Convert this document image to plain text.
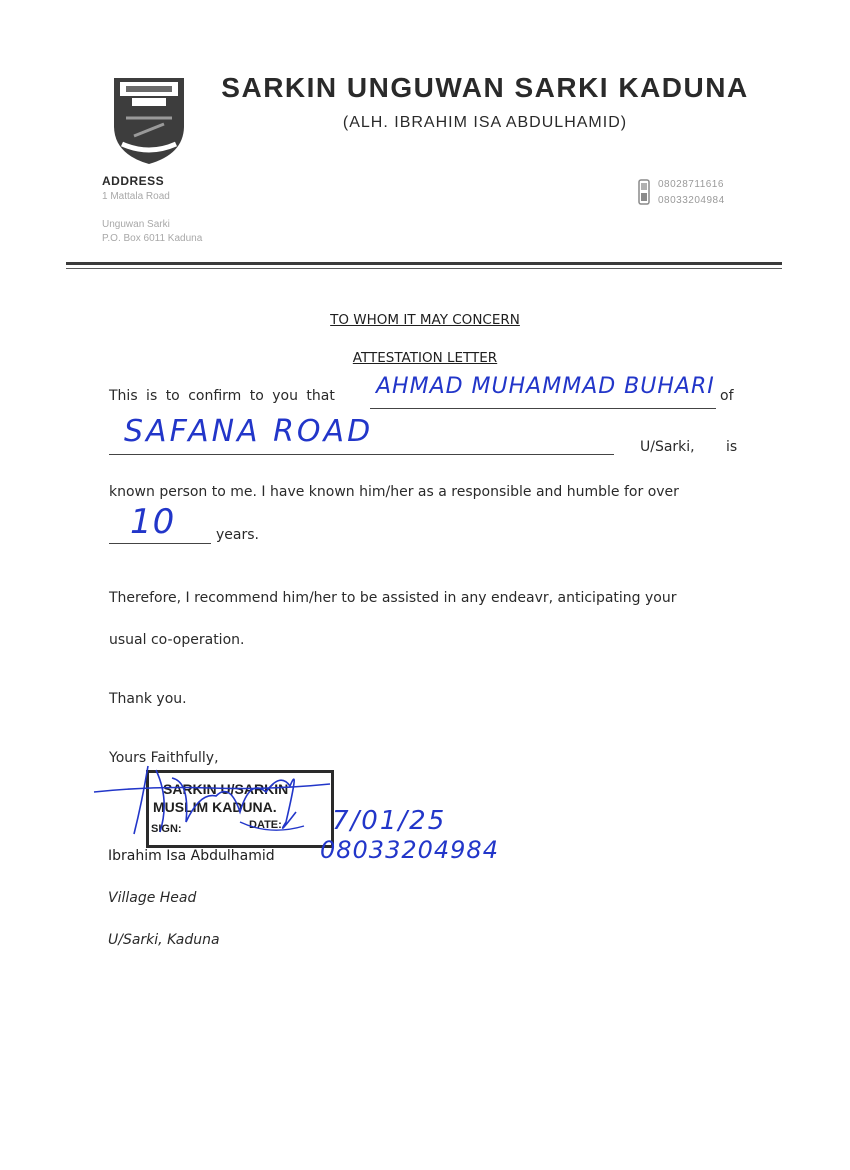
SARKIN UNGUWAN SARKI KADUNA
(ALH. IBRAHIM ISA ABDULHAMID)
ADDRESS
1 Mattala Road
Unguwan Sarki
P.O. Box 6011 Kaduna
08028711616
08033204984
TO WHOM IT MAY CONCERN
ATTESTATION LETTER
This is to confirm to you that AHMAD MUHAMMAD BUHARI of
SAFANA ROAD	U/Sarki, is
known person to me. I have known him/her as a responsible and humble for over
10	years.
Therefore, I recommend him/her to be assisted in any endeavr, anticipating your
usual co-operation.
Thank you.
Yours Faithfully,
SARKIN U/SARKIN
MUSLIM KADUNA.
SIGN:	DATE: 7/01/25
Ibrahim Isa Abdulhamid 08033204984
Village Head
U/Sarki, Kaduna
